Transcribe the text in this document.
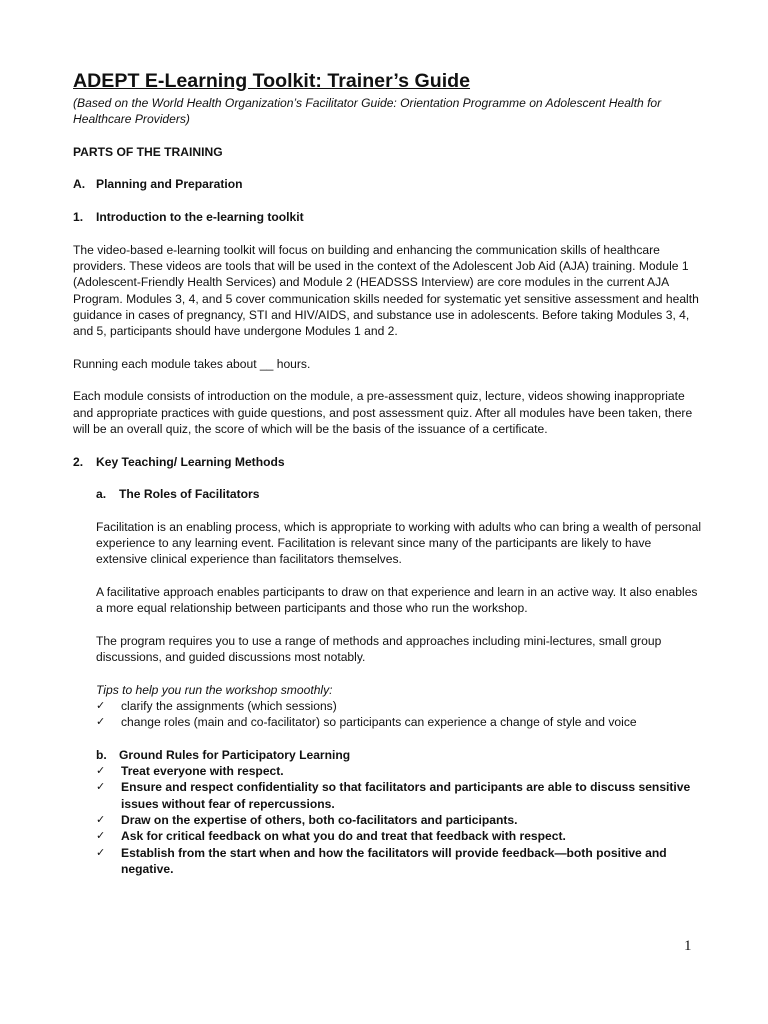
ADEPT E-Learning Toolkit: Trainer’s Guide

(Based on the World Health Organization’s Facilitator Guide: Orientation Programme on Adolescent Health for Healthcare Providers)

PARTS OF THE TRAINING

A. Planning and Preparation

1. Introduction to the e-learning toolkit

The video-based e-learning toolkit will focus on building and enhancing the communication skills of healthcare providers. These videos are tools that will be used in the context of the Adolescent Job Aid (AJA) training. Module 1 (Adolescent-Friendly Health Services) and Module 2 (HEADSSS Interview) are core modules in the current AJA Program. Modules 3, 4, and 5 cover communication skills needed for systematic yet sensitive assessment and health guidance in cases of pregnancy, STI and HIV/AIDS, and substance use in adolescents. Before taking Modules 3, 4, and 5, participants should have undergone Modules 1 and 2.

Running each module takes about __ hours.

Each module consists of introduction on the module, a pre-assessment quiz, lecture, videos showing inappropriate and appropriate practices with guide questions, and post assessment quiz. After all modules have been taken, there will be an overall quiz, the score of which will be the basis of the issuance of a certificate.

2. Key Teaching/ Learning Methods

a. The Roles of Facilitators

Facilitation is an enabling process, which is appropriate to working with adults who can bring a wealth of personal experience to any learning event. Facilitation is relevant since many of the participants are likely to have extensive clinical experience than facilitators themselves.

A facilitative approach enables participants to draw on that experience and learn in an active way. It also enables a more equal relationship between participants and those who run the workshop.

The program requires you to use a range of methods and approaches including mini-lectures, small group discussions, and guided discussions most notably.

Tips to help you run the workshop smoothly:

✓	clarify the assignments (which sessions)
✓	change roles (main and co-facilitator) so participants can experience a change of style and voice

b. Ground Rules for Participatory Learning

✓	Treat everyone with respect.
✓	Ensure and respect confidentiality so that facilitators and participants are able to discuss sensitive issues without fear of repercussions.
✓	Draw on the expertise of others, both co-facilitators and participants.
✓	Ask for critical feedback on what you do and treat that feedback with respect.
✓	Establish from the start when and how the facilitators will provide feedback—both positive and negative.
1
